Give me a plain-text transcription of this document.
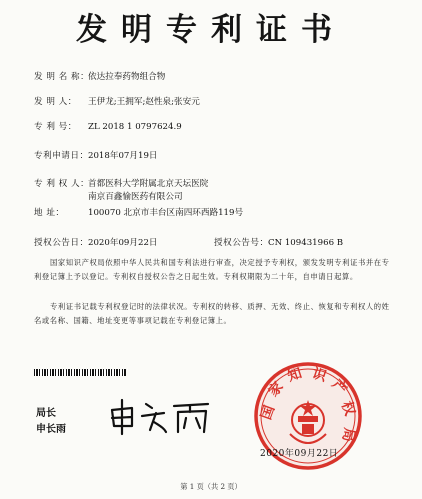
发明专利证书
发 明 名 称：依达拉奉药物组合物
发 明 人： 王伊龙;王拥军;赵性泉;张安元
专 利 号： ZL 2018 1 0797624.9
专利申请日：2018年07月19日
专 利 权 人：
首都医科大学附属北京天坛医院
南京百鑫愉医药有限公司
地 址：	100070 北京市丰台区南四环西路119号
授权公告日：2020年09月22日	授权公告号：CN 109431966 B
国家知识产权局依照中华人民共和国专利法进行审查，决定授予专利权，颁发发明专利证书并在专利登记簿上予以登记。专利权自授权公告之日起生效。专利权期限为二十年，自申请日起算。
专利证书记载专利权登记时的法律状况。专利权的转移、质押、无效、终止、恢复和专利权人的姓名或名称、国籍、地址变更等事项记载在专利登记簿上。
局长
申长雨
国
家
知 识
产
权
局
2020年09月22日
第 1 页（共 2 页）
